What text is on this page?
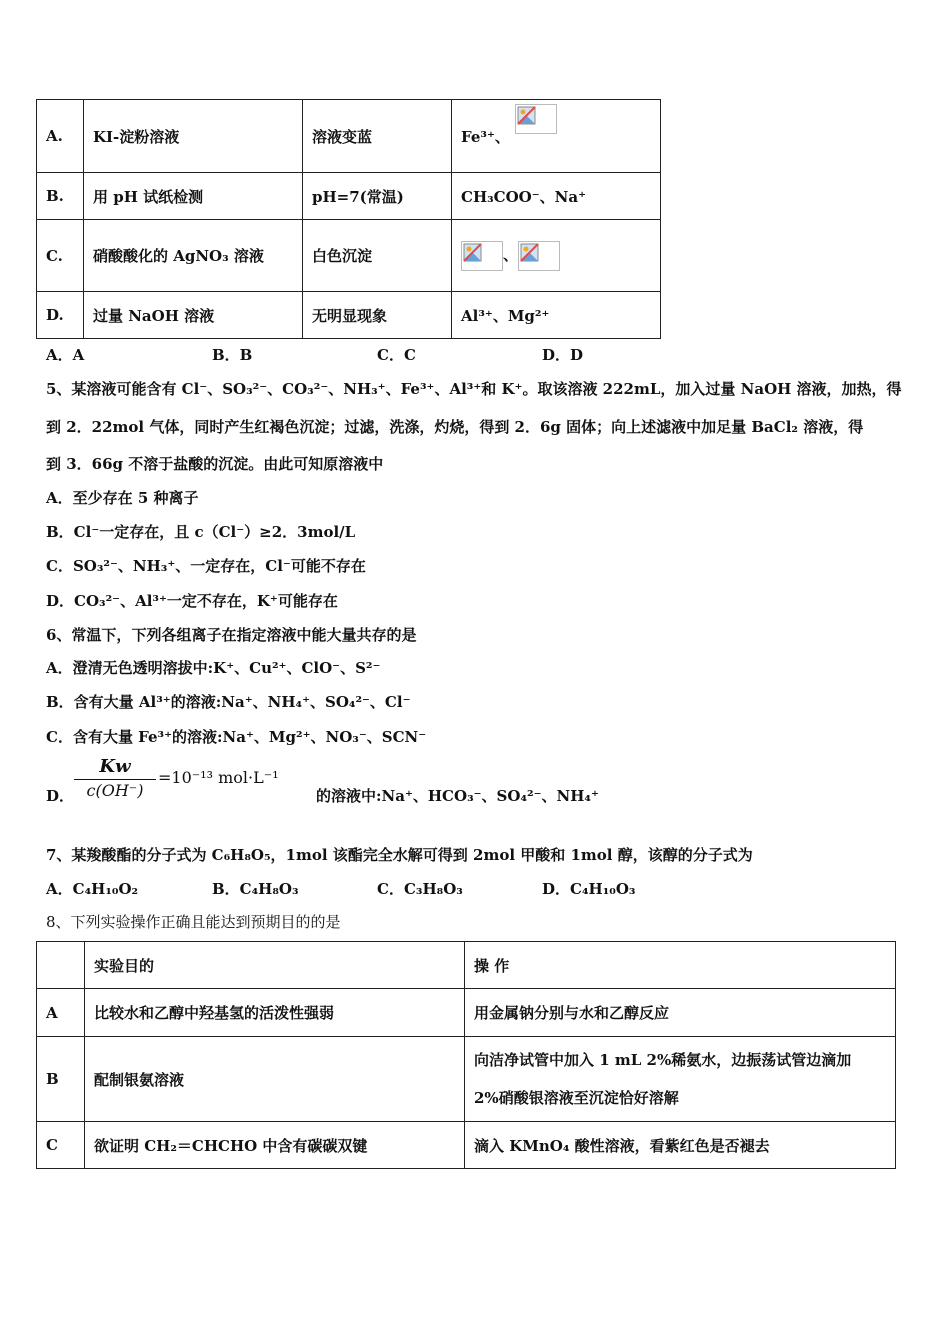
A.	KI-淀粉溶液	溶液变蓝	Fe³⁺、

B.	用 pH 试纸检测	pH=7(常温)	CH₃COO⁻、Na⁺
C.	硝酸酸化的 AgNO₃ 溶液	白色沉淀	、

D.	过量 NaOH 溶液	无明显现象	Al³⁺、Mg²⁺
A．A	B．B	C．C	D．D
5、某溶液可能含有 Cl⁻、SO₃²⁻、CO₃²⁻、NH₃⁺、Fe³⁺、Al³⁺和 K⁺。取该溶液 222mL，加入过量 NaOH 溶液，加热，得
到 2．22mol 气体，同时产生红褐色沉淀；过滤，洗涤，灼烧，得到 2．6g 固体；向上述滤液中加足量 BaCl₂ 溶液，得
到 3．66g 不溶于盐酸的沉淀。由此可知原溶液中
A．至少存在 5 种离子
B．Cl⁻一定存在，且 c（Cl⁻）≥2．3mol/L
C．SO₃²⁻、NH₃⁺、一定存在，Cl⁻可能不存在
D．CO₃²⁻、Al³⁺一定不存在，K⁺可能存在
6、常温下，下列各组离子在指定溶液中能大量共存的是
A．澄清无色透明溶拔中:K⁺、Cu²⁺、ClO⁻、S²⁻
B．含有大量 Al³⁺的溶液:Na⁺、NH₄⁺、SO₄²⁻、Cl⁻
C．含有大量 Fe³⁺的溶液:Na⁺、Mg²⁺、NO₃⁻、SCN⁻
D．
Kw
c(OH⁻)
=10⁻¹³ mol·L⁻¹
的溶液中:Na⁺、HCO₃⁻、SO₄²⁻、NH₄⁺
7、某羧酸酯的分子式为 C₆H₈O₅，1mol 该酯完全水解可得到 2mol 甲酸和 1mol 醇，该醇的分子式为
A．C₄H₁₀O₂	B．C₄H₈O₃	C．C₃H₈O₃	D．C₄H₁₀O₃
8、下列实验操作正确且能达到预期目的的是
	实验目的	操 作
A	比较水和乙醇中羟基氢的活泼性强弱	用金属钠分别与水和乙醇反应
B	配制银氨溶液	向洁净试管中加入 1 mL 2%稀氨水，边振荡试管边滴加
2%硝酸银溶液至沉淀恰好溶解

C	欲证明 CH₂＝CHCHO 中含有碳碳双键	滴入 KMnO₄ 酸性溶液，看紫红色是否褪去
